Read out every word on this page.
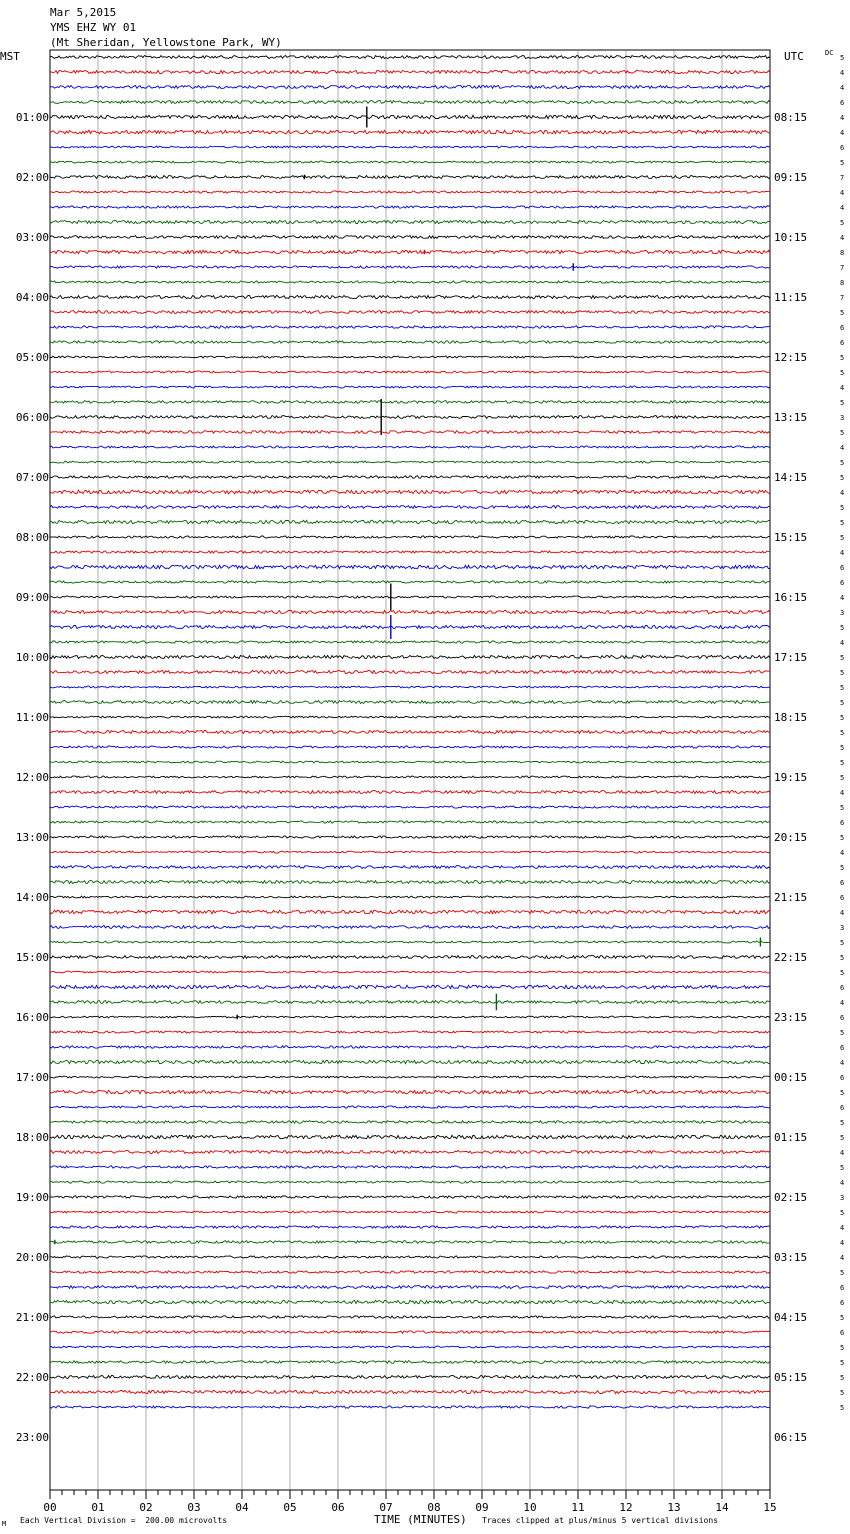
Mar 5,2015
YMS EHZ WY 01
(Mt Sheridan, Yellowstone Park, WY)
MST	UTC	DC
5
4
4
6
4
4
6
5
7
4
4
5
4
8
7
8
7
5
6
6
5
5
4
5
3
5
4
5
5
4
5
5
5
4
6
6
4
3
5
4
5
5
5
5
5
5
5
5
5
4
5
6
5
4
5
6
6
4
3
5
5
5
6
4
6
5
6
4
6
5
6
5
5
4
5
4
3
5
4
4
4
5
6
6
5
6
5
5
5
5
5
01:00
02:00
03:00
04:00
05:00
06:00
07:00
08:00
09:00
10:00
11:00
12:00
13:00
14:00
15:00
16:00
17:00
18:00
19:00
20:00
21:00
22:00
23:00
08:15
09:15
10:15
11:15
12:15
13:15
14:15
15:15
16:15
17:15
18:15
19:15
20:15
21:15
22:15
23:15
00:15
01:15
02:15
03:15
04:15
05:15
06:15
00	01	02	03	04	05	06	07	08	09	10	11	12	13	14	15
M Each Vertical Division =  200.00 microvolts	TIME (MINUTES) Traces clipped at plus/minus 5 vertical divisions
